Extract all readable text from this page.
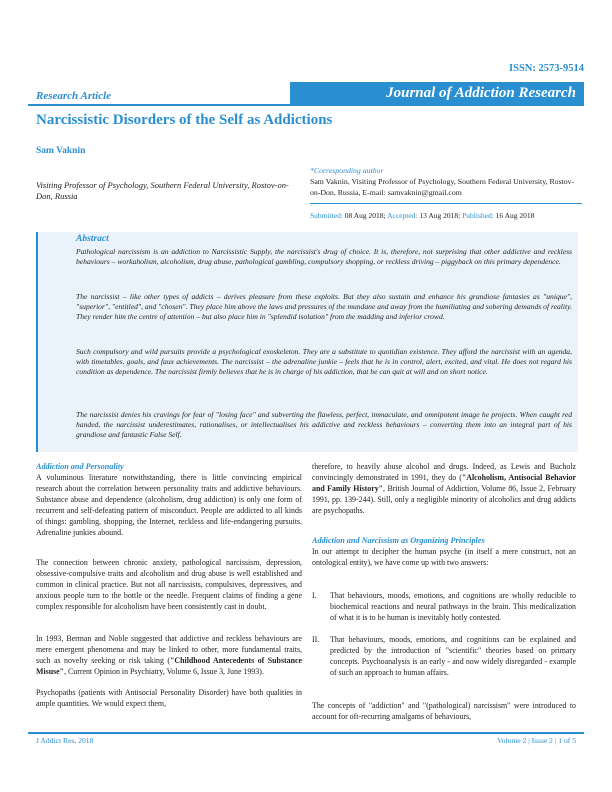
ISSN: 2573-9514
Research Article	Journal of Addiction Research
Narcissistic Disorders of the Self as Addictions
Sam Vaknin
Visiting Professor of Psychology, Southern Federal University, Rostov-on-Don, Russia
*Corresponding author
Sam Vaknin, Visiting Professor of Psychology, Southern Federal University, Rostov-on-Don, Russia, E-mail: samvaknin@gmail.com
Submitted: 08 Aug 2018; Accepted: 13 Aug 2018; Published: 16 Aug 2018
Abstract
Pathological narcissism is an addiction to Narcissistic Supply, the narcissist's drug of choice. It is, therefore, not surprising that other addictive and reckless behaviours – workaholism, alcoholism, drug abuse, pathological gambling, compulsory shopping, or reckless driving – piggyback on this primary dependence.
The narcissist – like other types of addicts – derives pleasure from these exploits. But they also sustain and enhance his grandiose fantasies as "unique", "superior", "entitled", and "chosen". They place him above the laws and pressures of the mundane and away from the humiliating and sobering demands of reality. They render him the centre of attention – but also place him in "splendid isolation" from the madding and inferior crowd.
Such compulsory and wild pursuits provide a psychological exoskeleton. They are a substitute to quotidian existence. They afford the narcissist with an agenda, with timetables, goals, and faux achievements. The narcissist – the adrenaline junkie – feels that he is in control, alert, excited, and vital. He does not regard his condition as dependence. The narcissist firmly believes that he is in charge of his addiction, that he can quit at will and on short notice.
The narcissist denies his cravings for fear of "losing face" and subverting the flawless, perfect, immaculate, and omnipotent image he projects. When caught red handed, the narcissist underestimates, rationalises, or intellectualises his addictive and reckless behaviours – converting them into an integral part of his grandiose and fantastic False Self.
Addiction and Personality
A voluminous literature notwithstanding, there is little convincing empirical research about the correlation between personality traits and addictive behaviours. Substance abuse and dependence (alcoholism, drug addiction) is only one form of recurrent and self-defeating pattern of misconduct. People are addicted to all kinds of things: gambling, shopping, the Internet, reckless and life-endangering pursuits. Adrenaline junkies abound.
The connection between chronic anxiety, pathological narcissism, depression, obsessive-compulsive traits and alcoholism and drug abuse is well established and common in clinical practice. But not all narcissists, compulsives, depressives, and anxious people turn to the bottle or the needle. Frequent claims of finding a gene complex responsible for alcoholism have been consistently cast in doubt.
In 1993, Berman and Noble suggested that addictive and reckless behaviours are mere emergent phenomena and may be linked to other, more fundamental traits, such as novelty seeking or risk taking ("Childhood Antecedents of Substance Misuse", Current Opinion in Psychiatry, Volume 6, Issue 3, June 1993).
Psychopaths (patients with Antisocial Personality Disorder) have both qualities in ample quantities. We would expect them,
therefore, to heavily abuse alcohol and drugs. Indeed, as Lewis and Bucholz convincingly demonstrated in 1991, they do ("Alcoholism, Antisocial Behavior and Family History", British Journal of Addiction, Volume 86, Issue 2, February 1991, pp. 139-244). Still, only a negligible minority of alcoholics and drug addicts are psychopaths.
Addiction and Narcissism as Organizing Principles
In our attempt to decipher the human psyche (in itself a mere construct, not an ontological entity), we have come up with two answers:
I. That behaviours, moods, emotions, and cognitions are wholly reducible to biochemical reactions and neural pathways in the brain. This medicalization of what it is to be human is inevitably hotly contested.
II. That behaviours, moods, emotions, and cognitions can be explained and predicted by the introduction of "scientific" theories based on primary concepts. Psychoanalysis is an early - and now widely disregarded - example of such an approach to human affairs.
The concepts of "addiction" and "(pathological) narcissism" were introduced to account for oft-recurring amalgams of behaviours,
J Addict Res, 2018	Volume 2 | Issue 2 | 1 of 5
